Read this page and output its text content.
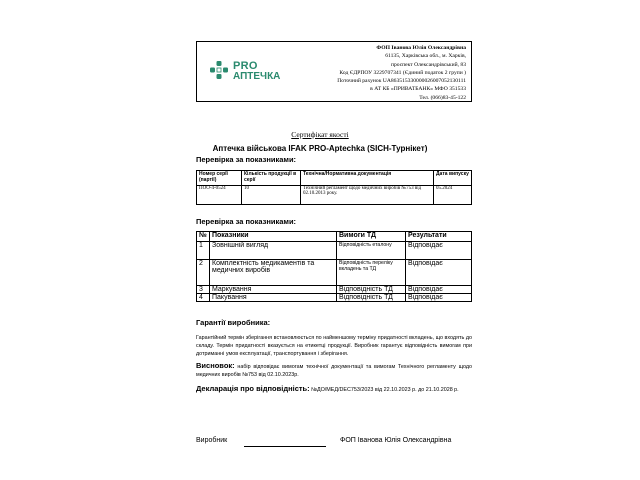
PRO
АПТЕЧКА
ФОП Іванова Юлія Олександрівна
61135, Харківська обл., м. Харків,
проспект Олександрівський, 83
Код ЄДРПОУ 3229707341 (Єдиний податок 2 групи )
Поточний рахунок UA863515330000026007052130111
в АТ КБ «ПРИВАТБАНК» МФО 351533
Тел. (066)83-45-122
Сертифікат якості
Аптечка військова IFAK PRO-Aptechka (SICH-Турнікет)
Перевірка за показниками:
Номер серії (партії)	Кількість продукції в серії	Технічна/Нормативна документація	Дата випуску
ПОО-4-0524	10	Технічний регламент щодо медичних виробів №753 від 02.10.2013 року.	05.2024
Перевірка за показниками:
№	Показники	Вимоги ТД	Результати
1	Зовнішній вигляд	Відповідність еталону	Відповідає
2	Комплектність медикаментів та медичних виробів	Відповідність переліку вкладень та ТД	Відповідає
3	Маркування	Відповідність ТД	Відповідає
4	Пакування	Відповідність ТД	Відповідає
Гарантії виробника:
Гарантійний термін зберігання встановлюється по найменшому терміну придатності вкладень, що входять до складу. Термін придатності вказується на етикетці продукції. Виробник гарантує відповідність вимогам при дотриманні умов експлуатації, транспортування і зберігання.
Висновок: набір відповідає вимогам технічної документації та вимогам Технічного регламенту щодо медичних виробів №753 від 02.10.2023р.
Декларація про відповідність: №ДО/МЕД/DEC753/2023 від 22.10.2023 р. до 21.10.2028 р.
Виробник	ФОП Іванова Юлія Олександрівна
